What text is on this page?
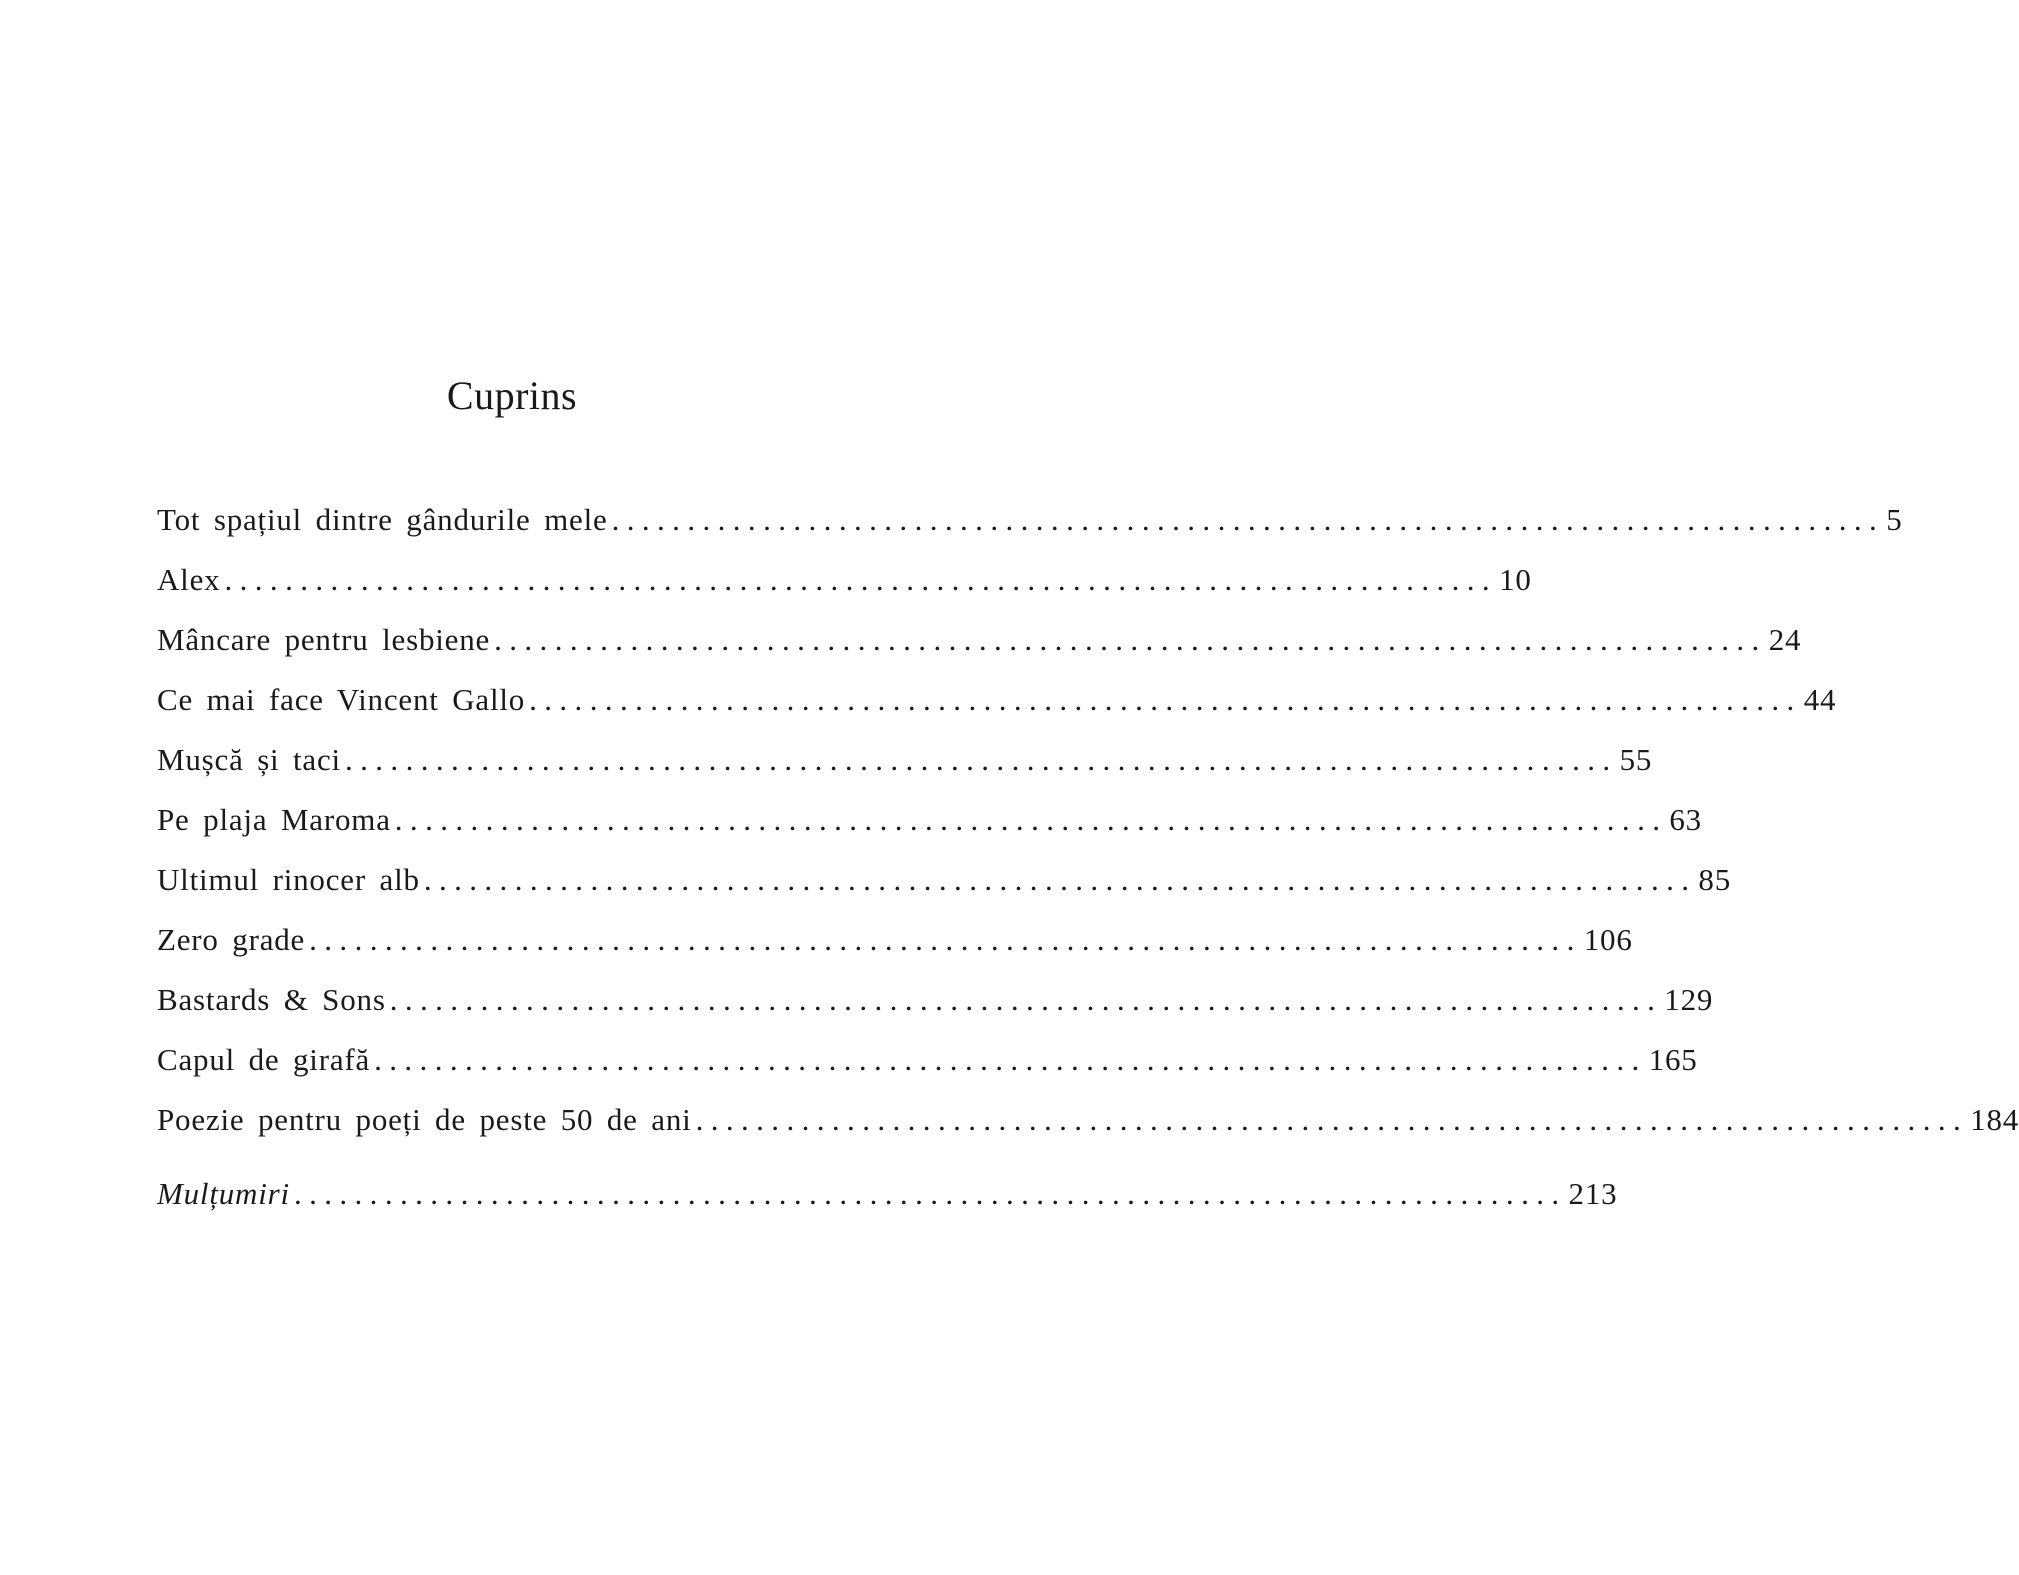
Cuprins
Tot spațiul dintre gândurile mele .................................................................................... 5
Alex .................................................................................... 10
Mâncare pentru lesbiene .................................................................................... 24
Ce mai face Vincent Gallo .................................................................................... 44
Mușcă și taci .................................................................................... 55
Pe plaja Maroma .................................................................................... 63
Ultimul rinocer alb .................................................................................... 85
Zero grade .................................................................................... 106
Bastards & Sons .................................................................................... 129
Capul de girafă .................................................................................... 165
Poezie pentru poeți de peste 50 de ani .................................................................................... 184
Mulțumiri .................................................................................... 213
